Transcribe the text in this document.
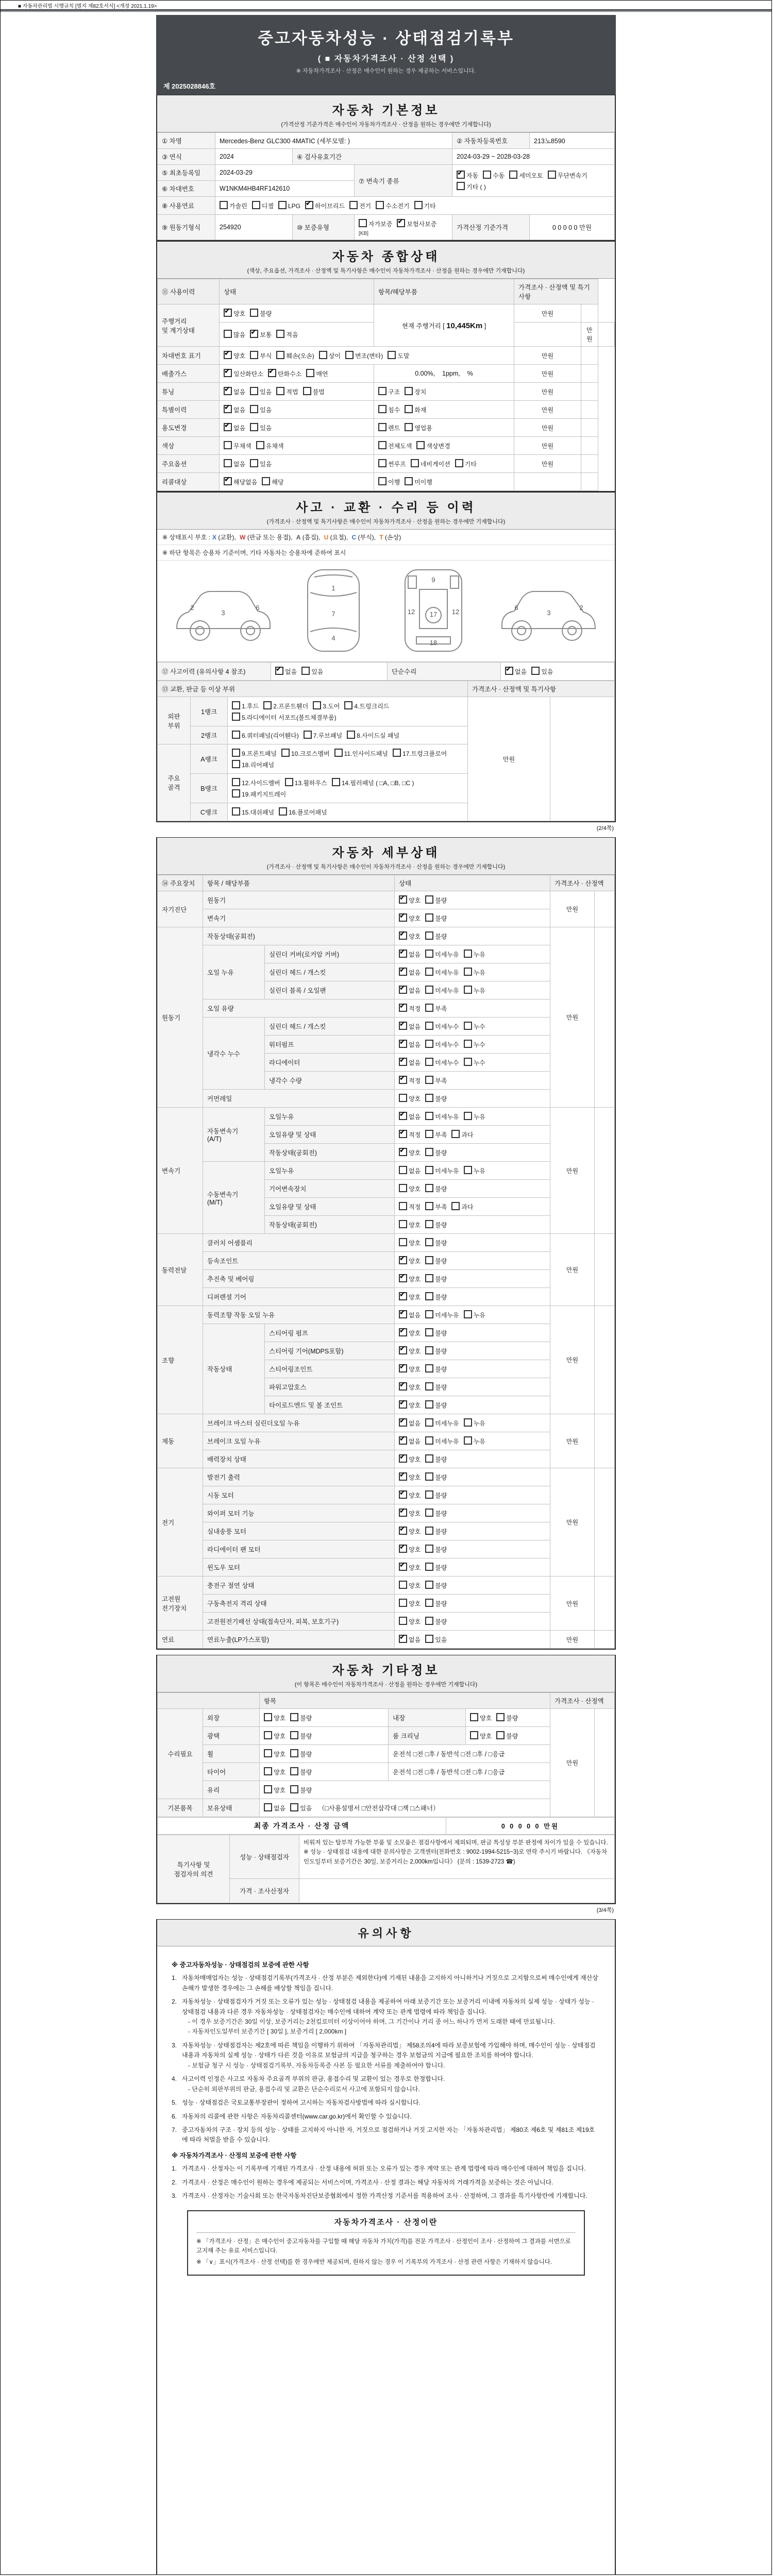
■ 자동차관리법 시행규칙 [별지 제82호서식] <개정 2021.1.19>
중고자동차성능 · 상태점검기록부
( ■ 자동차가격조사 · 산정 선택 )
※ 자동차가격조사 · 산정은 매수인이 원하는 경우 제공하는 서비스입니다.
제 2025028846호
자동차 기본정보
(가격산정 기준가격은 매수인이 자동차가격조사 · 산정을 원하는 경우에만 기재합니다)
① 차명	Mercedes-Benz GLC300 4MATIC (세부모델: )			② 자동차등록번호	213노8590
③ 연식	2024	④ 검사유효기간		2024-03-29 ~ 2028-03-28	
⑤ 최초등록일	2024-03-29		⑦ 변속기 종류	✔자동 수동 세미오토 무단변속기기타 ( )
⑥ 차대번호	W1NKM4HB4RF142610				
⑧ 사용연료	가솔린 디젤 LPG ✔ 하이브리드 전기 수소전기 기타
⑨ 원동기형식	254920	⑩ 보증유형	자가보증 ✔ 보험사보증 [KB]	가격산정 기준가격	0 0 0 0 0 만원
자동차 종합상태
(색상, 주요옵션, 가격조사 · 산정액 및 특기사항은 매수인이 자동차가격조사 · 산정을 원하는 경우에만 기재합니다)
⑪ 사용이력	상태	항목/해당부품	가격조사 · 산정액 및 특기사항		
주행거리
및 계기상태	✔양호 불량	현재 주행거리 [ 10,445Km ]	만원		
	많음 ✔ 보통 적음			만원	
차대번호 표기	✔양호 부식 훼손(오손) 상이 변조(변타) 도말		만원		
배출가스	✔일산화탄소 ✔ 탄화수소 매연	0.00%,    1ppm,    %	만원		
튜닝	✔없음 있음 적법 불법	구조 장치	만원		
특별이력	✔없음 있음	침수 화재	만원		
용도변경	✔없음 있음	렌트 영업용	만원		
색상	무채색 유채색	전체도색 색상변경	만원		
주요옵션	없음 있음	썬루프 네비게이션 기타	만원		
리콜대상	✔해당없음 해당	이행 미이행			
사고 · 교환 · 수리 등 이력
(가격조사 · 산정액 및 특기사항은 매수인이 자동차가격조사 · 산정을 원하는 경우에만 기재합니다)
※ 상태표시 부호 : X (교환), W (판금 또는 용접), A (흠집), U (요철), C (부식), T (손상)
※ 하단 항목은 승용차 기준이며, 기타 자동차는 승용차에 준하여 표시
2
3
6
1
7
4
9
12 17 12
18
6
3
2
⑫ 사고이력 (유의사항 4 참조)	✔없음 있음	단순수리	✔없음 있음
⑬ 교환, 판금 등 이상 부위			가격조사 · 산정액 및 특기사항	
외판
부위	1랭크	1.후드 2.프론트휀더 3.도어 4.트렁크리드5.라디에이터 서포트(볼트체결부품)	만원	
	2랭크	6.쿼터패널(리어휀다) 7.루브패널 8.사이드실 패널		
주요
골격	A랭크	9.프론트패널 10.크로스멤버 11.인사이드패널 17.트렁크플로어18.리어패널		
	B랭크	12.사이드멤버 13.휠하우스 14.필러패널 ( □A, □B, □C )19.패키지트레이		
	C랭크	15.대쉬패널 16.플로어패널		
(2/4쪽)
자동차 세부상태
(가격조사 · 산정액 및 특기사항은 매수인이 자동차가격조사 · 산정을 원하는 경우에만 기재합니다)
⑭ 주요장치	항목 / 해당부품		상태	가격조사 · 산정액	
자기진단	원동기	✔양호 불량	만원	
	변속기	✔양호 불량
원동기	작동상태(공회전)	✔양호 불량	만원	
	오일 누유	실린더 커버(로커암 커버)	✔없음 미세누유 누유
		실린더 헤드 / 개스킷	✔없음 미세누유 누유
		실린더 블록 / 오일팬	✔없음 미세누유 누유
	오일 유량	✔적정 부족
	냉각수 누수	실린더 헤드 / 개스킷	✔없음 미세누수 누수
		워터펌프	✔없음 미세누수 누수
		라디에이터	✔없음 미세누수 누수
		냉각수 수량	✔적정 부족
	커먼레일		양호 불량		
변속기	자동변속기
(A/T)	오일누유	✔없음 미세누유 누유	만원	
		오일유량 및 상태	✔적정 부족 과다
		작동상태(공회전)	✔양호 불량
	수동변속기
(M/T)	오일누유	없음 미세누유 누유		
		기어변속장치	양호 불량		
		오일유량 및 상태	적정 부족 과다		
		작동상태(공회전)	양호 불량		
동력전달	클러치 어셈블리		양호 불량	만원	
	등속조인트	✔양호 불량
	추진축 및 베어링	✔양호 불량
	디퍼렌셜 기어	✔양호 불량
조향	동력조향 작동 오일 누유	✔없음 미세누유 누유	만원	
	작동상태	스티어링 펌프	✔양호 불량
		스티어링 기어(MDPS포함)	✔양호 불량
		스티어링조인트	✔양호 불량
		파워고압호스	✔양호 불량
		타이로드엔드 및 볼 조인트	✔양호 불량
제동	브레이크 마스터 실린더오일 누유	✔없음 미세누유 누유	만원	
	브레이크 오일 누유	✔없음 미세누유 누유
	배력장치 상태	✔양호 불량
전기	발전기 출력	✔양호 불량	만원	
	시동 모터	✔양호 불량
	와이퍼 모터 기능	✔양호 불량
	실내송풍 모터	✔양호 불량
	라디에이터 팬 모터	✔양호 불량
	윈도우 모터	✔양호 불량
고전원
전기장치	충전구 절연 상태		양호 불량	만원	
	구동축전지 격리 상태		양호 불량		
	고전원전기배선 상태(접속단자, 피복, 보호기구)		양호 불량		
연료	연료누출(LP가스포함)	✔없음 있음	만원	
자동차 기타정보
(이 항목은 매수인이 자동차가격조사 · 산정을 원하는 경우에만 기재합니다)
		항목			가격조사 · 산정액	
수리필요	외장	양호 불량	내장	양호 불량	만원	
	광택	양호 불량	룸 크리닝	양호 불량		
	휠	양호 불량	운전석 □전 □후 / 동반석 □전 □후 / □응급			
	타이어	양호 불량	운전석 □전 □후 / 동반석 □전 □후 / □응급			
	유리	양호 불량				
기본품목	보유상태	없음 있음 （□사용설명서 □안전삼각대 □잭 □스패너）				
최종 가격조사 · 산정 금액	0 0 0 0 0 만원
특기사항 및
점검자의 의견	성능 · 상태점검자	비워져 있는 탈부착 가능한 부품 및 소모품은 점검사항에서 제외되며, 판금 특성상 부분 판정에 차이가 있을 수 있습니다. ※ 성능 · 상태점검 내용에 대한 문의사항은 고객센터(전화번호 : 9002-1994-5215~3)로 연락 주시기 바랍니다. 《자동차인도일부터 보증기간은 30일, 보증거리는 2,000km입니다》 (문의 : 1539-2723 ☎)

	가격 · 조사산정자	
(3/4쪽)
유의사항
※ 중고자동차성능 · 상태점검의 보증에 관한 사항
1. 자동차매매업자는 성능 · 상태점검기록부(가격조사 · 산정 부분은 제외한다)에 기재된 내용을 고지하지 아니하거나 거짓으로 고지함으로써 매수인에게 재산상 손해가 발생한 경우에는 그 손해를 배상할 책임을 집니다.
2. 자동차성능 · 상태점검자가 거짓 또는 오류가 있는 성능 · 상태점검 내용을 제공하여 아래 보증기간 또는 보증거리 이내에 자동차의 실제 성능 · 상태가 성능 · 상태점검 내용과 다른 경우 자동차성능 · 상태점검자는 매수인에 대하여 계약 또는 관계 법령에 따라 책임을 집니다.
- 이 경우 보증기간은 30일 이상, 보증거리는 2천킬로미터 이상이어야 하며, 그 기간이나 거리 중 어느 하나가 먼저 도래한 때에 만료됩니다.
- 자동차인도일부터 보증기간 [ 30일 ], 보증거리 [ 2,000km ]
3. 자동차성능 · 상태점검자는 제2호에 따른 책임을 이행하기 위하여 「자동차관리법」 제58조의4에 따라 보증보험에 가입해야 하며, 매수인이 성능 · 상태점검 내용과 자동차의 실제 성능 · 상태가 다른 것을 이유로 보험금의 지급을 청구하는 경우 보험금의 지급에 필요한 조치를 하여야 합니다.
- 보험금 청구 시 성능 · 상태점검기록부, 자동차등록증 사본 등 필요한 서류를 제출하여야 합니다.
4. 사고이력 인정은 사고로 자동차 주요골격 부위의 판금, 용접수리 및 교환이 있는 경우로 한정합니다.
- 단순히 외판부위의 판금, 용접수리 및 교환은 단순수리로서 사고에 포함되지 않습니다.
5. 성능 · 상태점검은 국토교통부장관이 정하여 고시하는 자동차검사방법에 따라 실시합니다.
6. 자동차의 리콜에 관한 사항은 자동차리콜센터(www.car.go.kr)에서 확인할 수 있습니다.
7. 중고자동차의 구조 · 장치 등의 성능 · 상태를 고지하지 아니한 자, 거짓으로 점검하거나 거짓 고지한 자는 「자동차관리법」 제80조 제6호 및 제81조 제19호에 따라 처벌을 받을 수 있습니다.
※ 자동차가격조사 · 산정의 보증에 관한 사항
1. 가격조사 · 산정자는 이 기록부에 기재된 가격조사 · 산정 내용에 허위 또는 오류가 있는 경우 계약 또는 관계 법령에 따라 매수인에 대하여 책임을 집니다.
2. 가격조사 · 산정은 매수인이 원하는 경우에 제공되는 서비스이며, 가격조사 · 산정 결과는 해당 자동차의 거래가격을 보증하는 것은 아닙니다.
3. 가격조사 · 산정자는 기술사회 또는 한국자동차진단보증협회에서 정한 가격산정 기준서를 적용하여 조사 · 산정하며, 그 결과를 특기사항란에 기재합니다.
자동차가격조사 · 산정이란
※ 「가격조사 · 산정」은 매수인이 중고자동차를 구입할 때 해당 자동차 가치(가격)를 전문 가격조사 · 산정인이 조사 · 산정하여 그 결과를 서면으로 고지해 주는 유료 서비스입니다.
※ 「∨」표시(가격조사 · 산정 선택)를 한 경우에만 제공되며, 원하지 않는 경우 이 기록부의 가격조사 · 산정 관련 사항은 기재하지 않습니다.
